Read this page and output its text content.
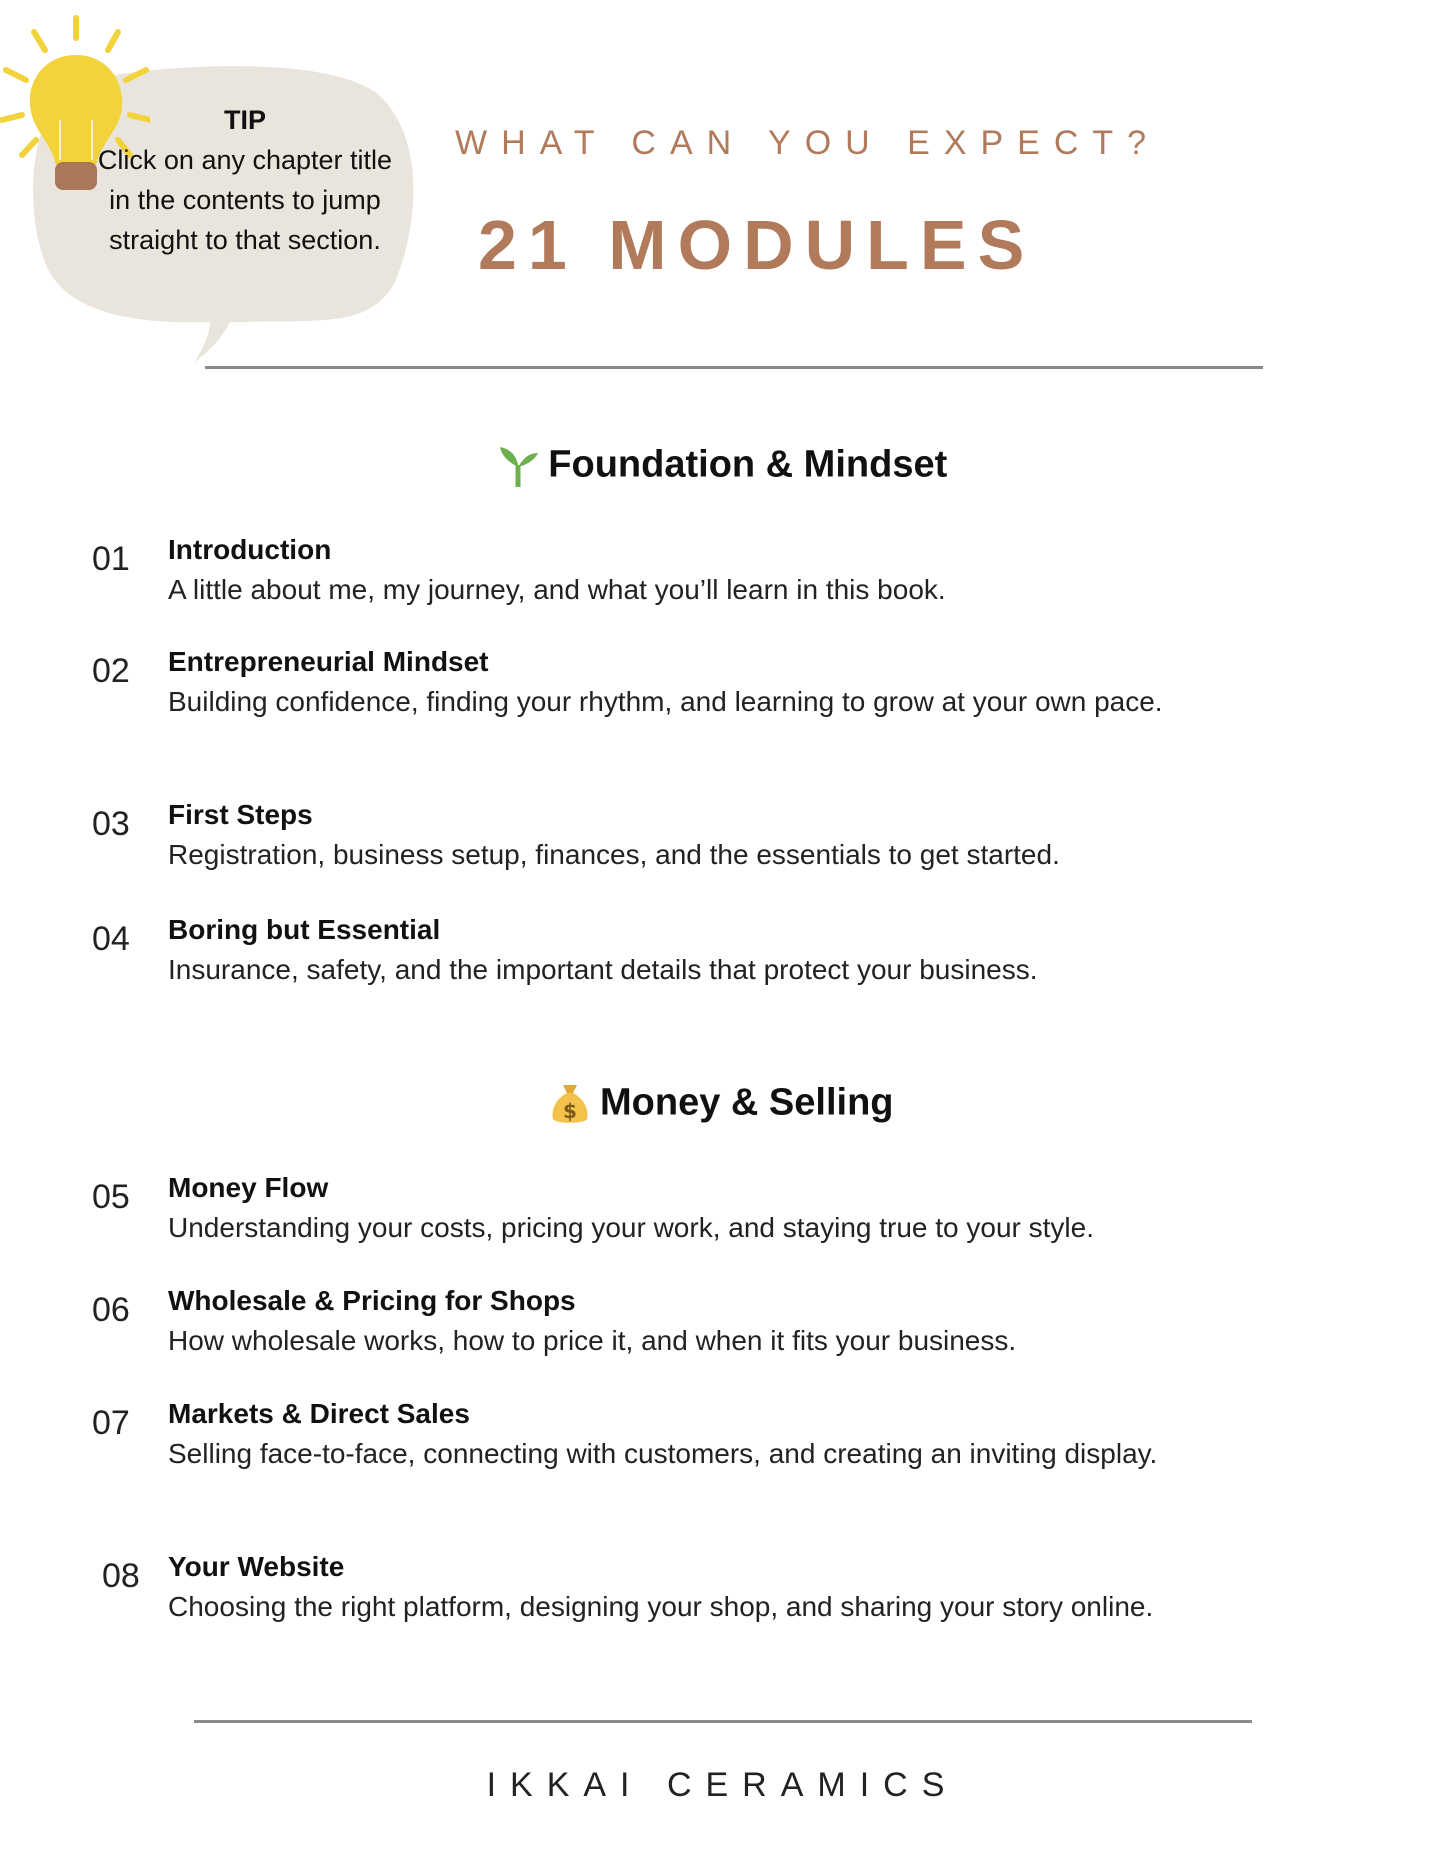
TIP
Click on any chapter title in the contents to jump straight to that section.
WHAT CAN YOU EXPECT?
21 MODULES
Foundation & Mindset
01 Introduction
A little about me, my journey, and what you’ll learn in this book.
02 Entrepreneurial Mindset
Building confidence, finding your rhythm, and learning to grow at your own pace.
03 First Steps
Registration, business setup, finances, and the essentials to get started.
04 Boring but Essential
Insurance, safety, and the important details that protect your business.
$ Money & Selling
05 Money Flow
Understanding your costs, pricing your work, and staying true to your style.
06 Wholesale & Pricing for Shops
How wholesale works, how to price it, and when it fits your business.
07 Markets & Direct Sales
Selling face-to-face, connecting with customers, and creating an inviting display.
08 Your Website
Choosing the right platform, designing your shop, and sharing your story online.
IKKAI CERAMICS
